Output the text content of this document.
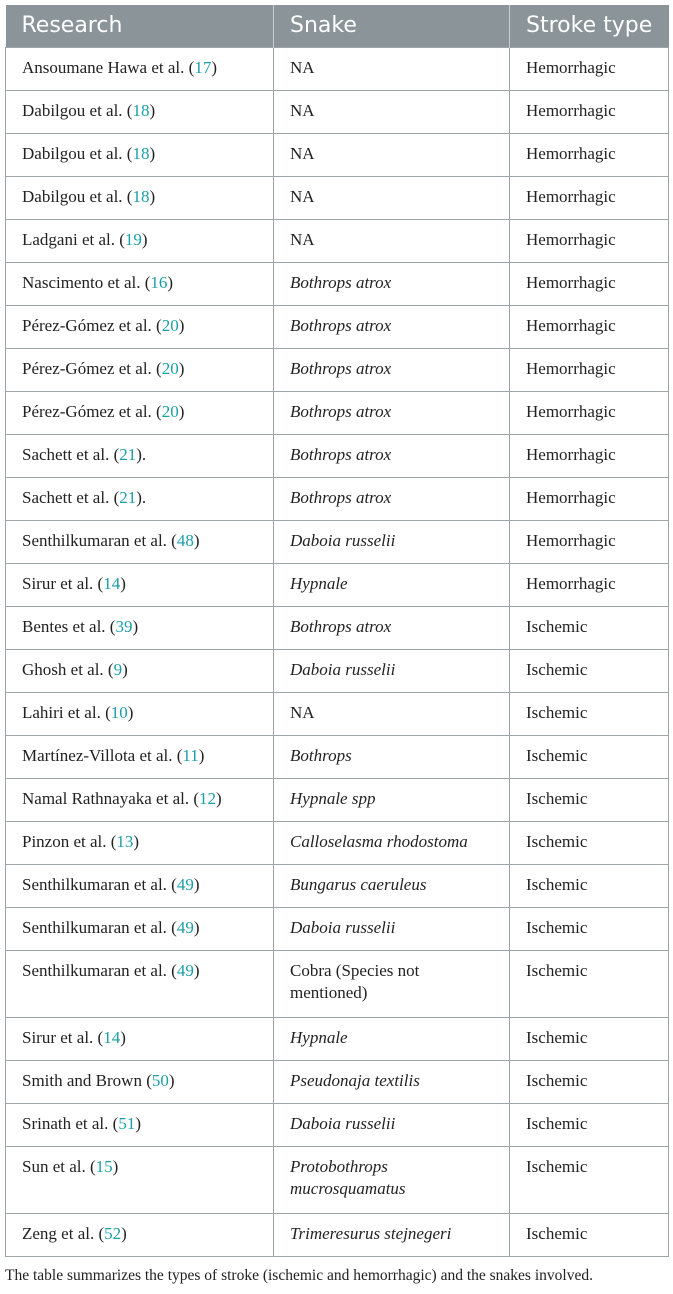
Research	Snake	Stroke type
Ansoumane Hawa et al. (17)	NA	Hemorrhagic
Dabilgou et al. (18)	NA	Hemorrhagic
Dabilgou et al. (18)	NA	Hemorrhagic
Dabilgou et al. (18)	NA	Hemorrhagic
Ladgani et al. (19)	NA	Hemorrhagic
Nascimento et al. (16)	Bothrops atrox	Hemorrhagic
Pérez-Gómez et al. (20)	Bothrops atrox	Hemorrhagic
Pérez-Gómez et al. (20)	Bothrops atrox	Hemorrhagic
Pérez-Gómez et al. (20)	Bothrops atrox	Hemorrhagic
Sachett et al. (21).	Bothrops atrox	Hemorrhagic
Sachett et al. (21).	Bothrops atrox	Hemorrhagic
Senthilkumaran et al. (48)	Daboia russelii	Hemorrhagic
Sirur et al. (14)	Hypnale	Hemorrhagic
Bentes et al. (39)	Bothrops atrox	Ischemic
Ghosh et al. (9)	Daboia russelii	Ischemic
Lahiri et al. (10)	NA	Ischemic
Martínez-Villota et al. (11)	Bothrops	Ischemic
Namal Rathnayaka et al. (12)	Hypnale spp	Ischemic
Pinzon et al. (13)	Calloselasma rhodostoma	Ischemic
Senthilkumaran et al. (49)	Bungarus caeruleus	Ischemic
Senthilkumaran et al. (49)	Daboia russelii	Ischemic
Senthilkumaran et al. (49)	Cobra (Species not mentioned)	Ischemic
Sirur et al. (14)	Hypnale	Ischemic
Smith and Brown (50)	Pseudonaja textilis	Ischemic
Srinath et al. (51)	Daboia russelii	Ischemic
Sun et al. (15)	Protobothrops mucrosquamatus	Ischemic
Zeng et al. (52)	Trimeresurus stejnegeri	Ischemic
The table summarizes the types of stroke (ischemic and hemorrhagic) and the snakes involved.
